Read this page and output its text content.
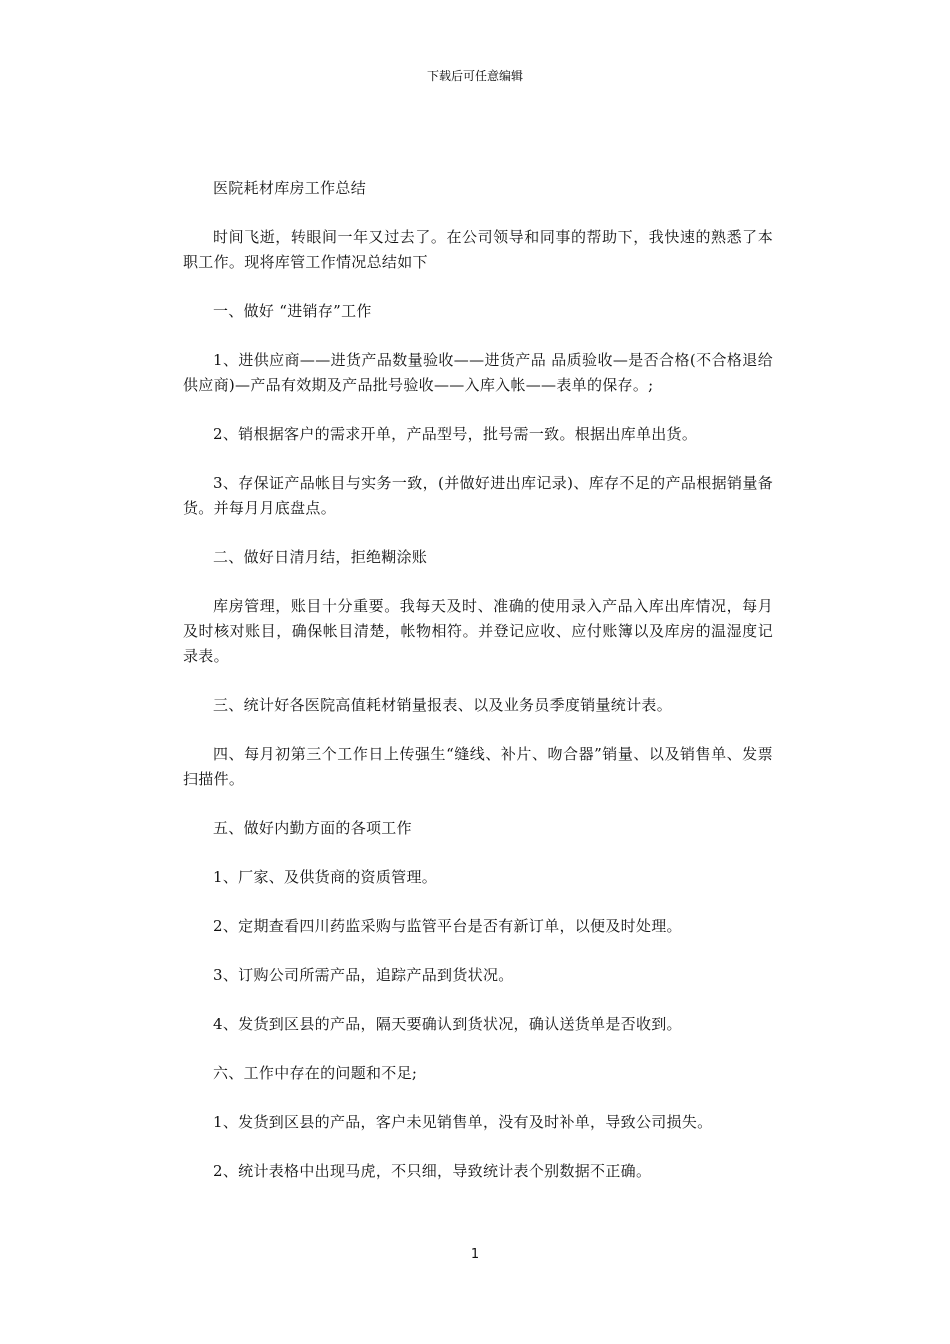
下载后可任意编辑

医院耗材库房工作总结

时间飞逝，转眼间一年又过去了。在公司领导和同事的帮助下，我快速的熟悉了本职工作。现将库管工作情况总结如下

一、做好 “进销存”工作

1、进供应商——进货产品数量验收——进货产品 品质验收—是否合格(不合格退给供应商)—产品有效期及产品批号验收——入库入帐——表单的保存。;

2、销根据客户的需求开单，产品型号，批号需一致。根据出库单出货。

3、存保证产品帐目与实务一致，(并做好进出库记录)、库存不足的产品根据销量备货。并每月月底盘点。

二、做好日清月结，拒绝糊涂账

库房管理，账目十分重要。我每天及时、准确的使用录入产品入库出库情况，每月及时核对账目，确保帐目清楚，帐物相符。并登记应收、应付账簿以及库房的温湿度记录表。

三、统计好各医院高值耗材销量报表、以及业务员季度销量统计表。

四、每月初第三个工作日上传强生“缝线、补片、吻合器”销量、以及销售单、发票扫描件。

五、做好内勤方面的各项工作

1、厂家、及供货商的资质管理。

2、定期查看四川药监采购与监管平台是否有新订单，以便及时处理。

3、订购公司所需产品，追踪产品到货状况。

4、发货到区县的产品，隔天要确认到货状况，确认送货单是否收到。

六、工作中存在的问题和不足;

1、发货到区县的产品，客户未见销售单，没有及时补单，导致公司损失。

2、统计表格中出现马虎，不只细，导致统计表个别数据不正确。

1
